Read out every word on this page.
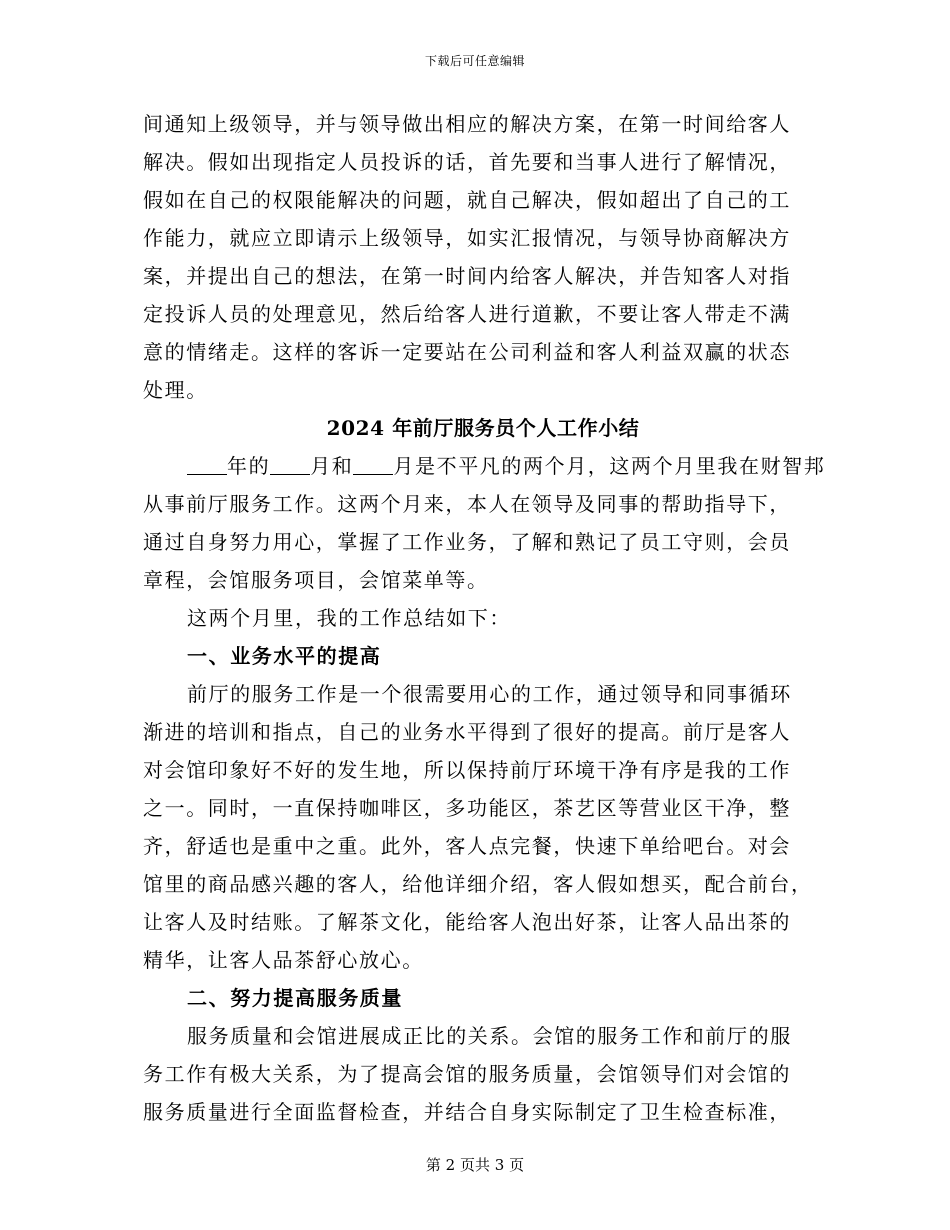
下载后可任意编辑
间通知上级领导，并与领导做出相应的解决方案，在第一时间给客人
解决。假如出现指定人员投诉的话，首先要和当事人进行了解情况，
假如在自己的权限能解决的问题，就自己解决，假如超出了自己的工
作能力，就应立即请示上级领导，如实汇报情况，与领导协商解决方
案，并提出自己的想法，在第一时间内给客人解决，并告知客人对指
定投诉人员的处理意见，然后给客人进行道歉，不要让客人带走不满
意的情绪走。这样的客诉一定要站在公司利益和客人利益双赢的状态
处理。
2024 年前厅服务员个人工作小结
年的 月和 月是不平凡的两个月，这两个月里我在财智邦
从事前厅服务工作。这两个月来，本人在领导及同事的帮助指导下，
通过自身努力用心，掌握了工作业务，了解和熟记了员工守则，会员
章程，会馆服务项目，会馆菜单等。
这两个月里，我的工作总结如下：
一、业务水平的提高
前厅的服务工作是一个很需要用心的工作，通过领导和同事循环
渐进的培训和指点，自己的业务水平得到了很好的提高。前厅是客人
对会馆印象好不好的发生地，所以保持前厅环境干净有序是我的工作
之一。同时，一直保持咖啡区，多功能区，茶艺区等营业区干净，整
齐，舒适也是重中之重。此外，客人点完餐，快速下单给吧台。对会
馆里的商品感兴趣的客人，给他详细介绍，客人假如想买，配合前台，
让客人及时结账。了解茶文化，能给客人泡出好茶，让客人品出茶的
精华，让客人品茶舒心放心。
二、努力提高服务质量
服务质量和会馆进展成正比的关系。会馆的服务工作和前厅的服
务工作有极大关系，为了提高会馆的服务质量，会馆领导们对会馆的
服务质量进行全面监督检查，并结合自身实际制定了卫生检查标准，
第 2 页共 3 页
